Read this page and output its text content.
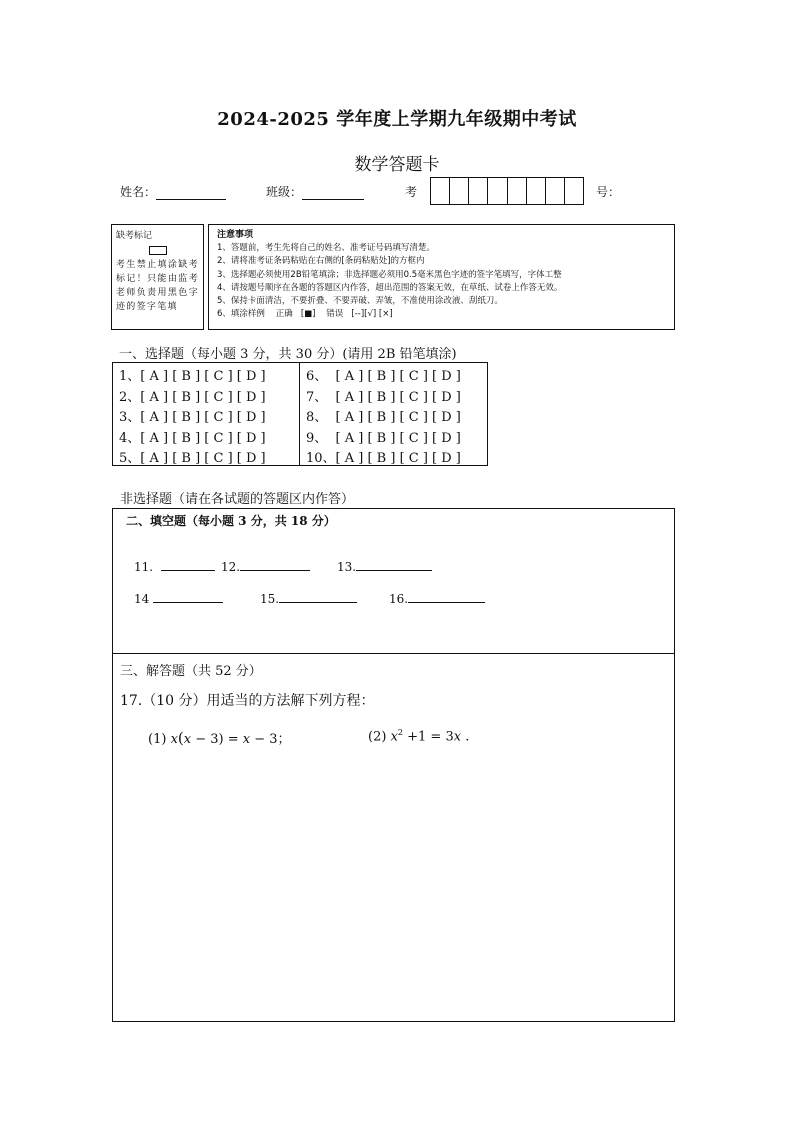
2024-2025 学年度上学期九年级期中考试
数学答题卡
姓名：	班级：	考	号：
缺考标记
考生禁止填涂缺考标记！只能由监考老师负责用黑色字迹的签字笔填
注意事项
1、答题前，考生先将自己的姓名、准考证号码填写清楚。
2、请将准考证条码粘贴在右侧的[条码粘贴处]的方框内
3、选择题必须使用2B铅笔填涂；非选择题必须用0.5毫米黑色字迹的签字笔填写，字体工整
4、请按题号顺序在各题的答题区内作答，超出范围的答案无效，在草纸、试卷上作答无效。
5、保持卡面清洁，不要折叠、不要弄破、弄皱，不准使用涂改液、刮纸刀。
6、填涂样例    正确   [■]    错误   [--][√] [×]
一、选择题（每小题 3 分，共 30 分）(请用 2B 铅笔填涂)
1、[ A ] [ B ] [ C ] [ D ]
2、[ A ] [ B ] [ C ] [ D ]
3、[ A ] [ B ] [ C ] [ D ]
4、[ A ] [ B ] [ C ] [ D ]
5、[ A ] [ B ] [ C ] [ D ]
6、  [ A ] [ B ] [ C ] [ D ]
7、  [ A ] [ B ] [ C ] [ D ]
8、  [ A ] [ B ] [ C ] [ D ]
9、  [ A ] [ B ] [ C ] [ D ]
10、[ A ] [ B ] [ C ] [ D ]
非选择题（请在各试题的答题区内作答）
二、填空题（每小题 3 分，共 18 分）
11.	12.	13.
14	15.	16.
三、解答题（共 52 分）
17.（10 分）用适当的方法解下列方程：
(1) x(x − 3) = x − 3；	(2) $x^2 +1 = 3x$ .
